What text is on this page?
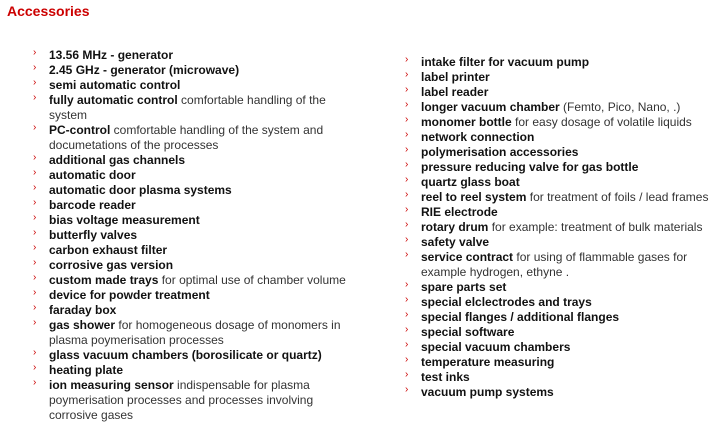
Accessories
› 13.56 MHz - generator
› 2.45 GHz - generator (microwave)
› semi automatic control
› fully automatic control comfortable handling of the system
› PC-control comfortable handling of the system and documetations of the processes
› additional gas channels
› automatic door
› automatic door plasma systems
› barcode reader
› bias voltage measurement
› butterfly valves
› carbon exhaust filter
› corrosive gas version
› custom made trays for optimal use of chamber volume
› device for powder treatment
› faraday box
› gas shower for homogeneous dosage of monomers in plasma poymerisation processes
› glass vacuum chambers (borosilicate or quartz)
› heating plate
› ion measuring sensor indispensable for plasma poymerisation processes and processes involving corrosive gases
› intake filter for vacuum pump
› label printer
› label reader
› longer vacuum chamber (Femto, Pico, Nano, .)
› monomer bottle for easy dosage of volatile liquids
› network connection
› polymerisation accessories
› pressure reducing valve for gas bottle
› quartz glass boat
› reel to reel system for treatment of foils / lead frames
› RIE electrode
› rotary drum for example: treatment of bulk materials
› safety valve
› service contract for using of flammable gases for example hydrogen, ethyne .
› spare parts set
› special elclectrodes and trays
› special flanges / additional flanges
› special software
› special vacuum chambers
› temperature measuring
› test inks
› vacuum pump systems
